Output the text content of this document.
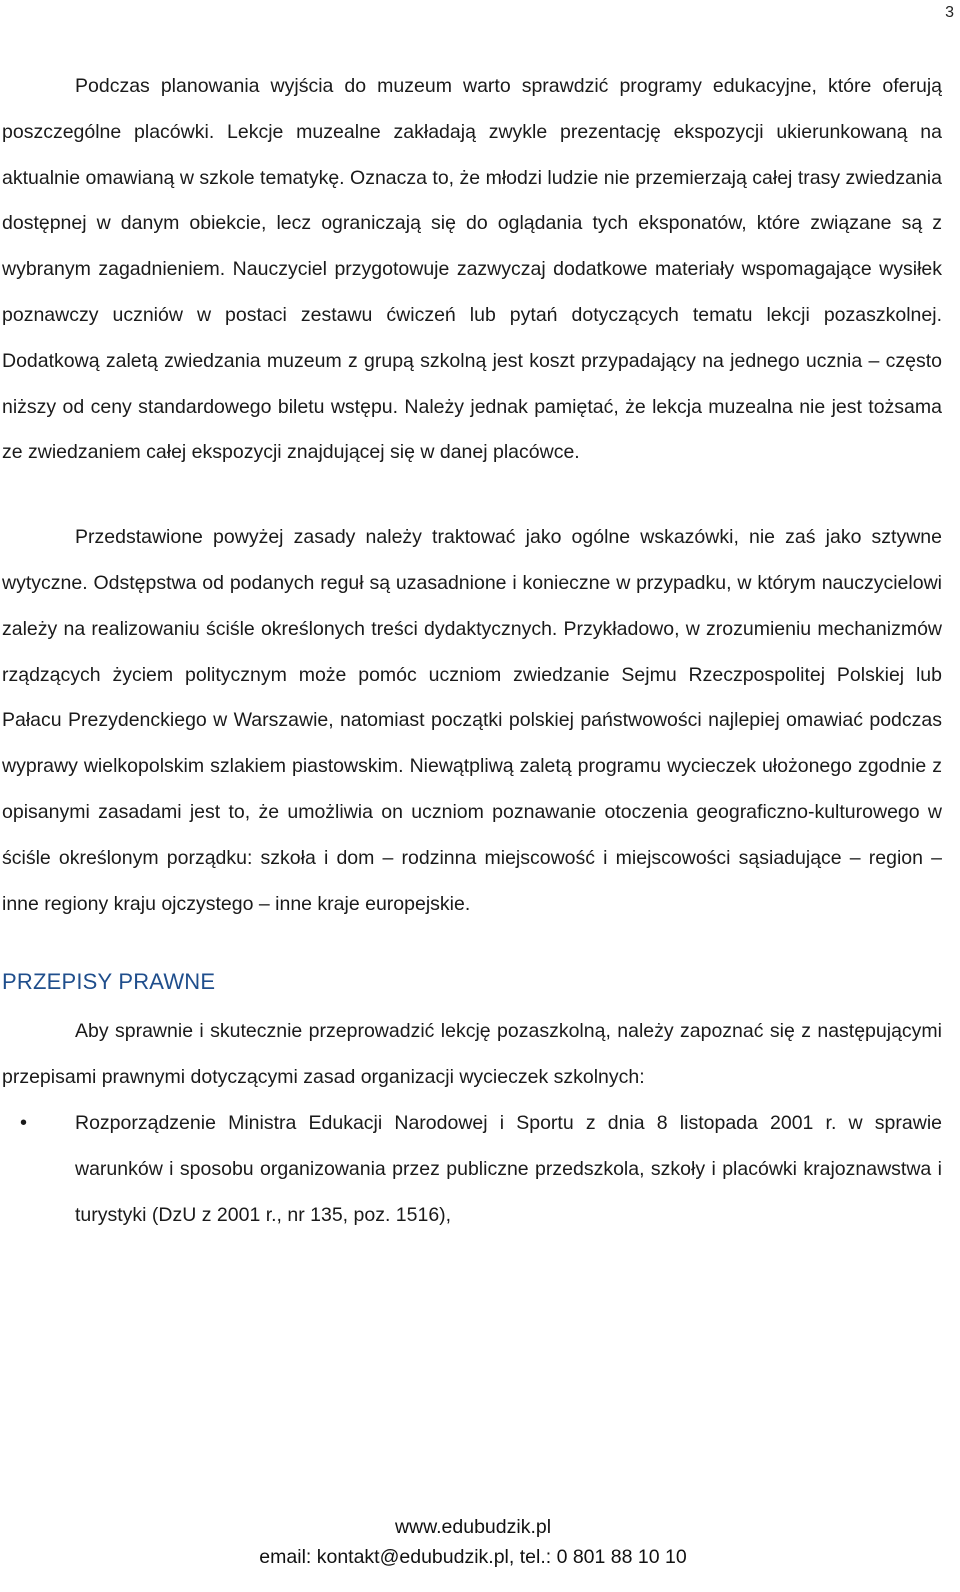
3

Podczas planowania wyjścia do muzeum warto sprawdzić programy edukacyjne, które oferują poszczególne placówki. Lekcje muzealne zakładają zwykle prezentację ekspozycji ukierunkowaną na aktualnie omawianą w szkole tematykę. Oznacza to, że młodzi ludzie nie przemierzają całej trasy zwiedzania dostępnej w danym obiekcie, lecz ograniczają się do oglądania tych eksponatów, które związane są z wybranym zagadnieniem. Nauczyciel przygotowuje zazwyczaj dodatkowe materiały wspomagające wysiłek poznawczy uczniów w postaci zestawu ćwiczeń lub pytań dotyczących tematu lekcji pozaszkolnej. Dodatkową zaletą zwiedzania muzeum z grupą szkolną jest koszt przypadający na jednego ucznia – często niższy od ceny standardowego biletu wstępu. Należy jednak pamiętać, że lekcja muzealna nie jest tożsama ze zwiedzaniem całej ekspozycji znajdującej się w danej placówce.

Przedstawione powyżej zasady należy traktować jako ogólne wskazówki, nie zaś jako sztywne wytyczne. Odstępstwa od podanych reguł są uzasadnione i konieczne w przypadku, w którym nauczycielowi zależy na realizowaniu ściśle określonych treści dydaktycznych. Przykładowo, w zrozumieniu mechanizmów rządzących życiem politycznym może pomóc uczniom zwiedzanie Sejmu Rzeczpospolitej Polskiej lub Pałacu Prezydenckiego w Warszawie, natomiast początki polskiej państwowości najlepiej omawiać podczas wyprawy wielkopolskim szlakiem piastowskim. Niewątpliwą zaletą programu wycieczek ułożonego zgodnie z opisanymi zasadami jest to, że umożliwia on uczniom poznawanie otoczenia geograficzno-kulturowego w ściśle określonym porządku: szkoła i dom – rodzinna miejscowość i miejscowości sąsiadujące – region – inne regiony kraju ojczystego – inne kraje europejskie.

PRZEPISY PRAWNE

Aby sprawnie i skutecznie przeprowadzić lekcję pozaszkolną, należy zapoznać się z następującymi przepisami prawnymi dotyczącymi zasad organizacji wycieczek szkolnych:

• Rozporządzenie Ministra Edukacji Narodowej i Sportu z dnia 8 listopada 2001 r. w sprawie warunków i sposobu organizowania przez publiczne przedszkola, szkoły i placówki krajoznawstwa i turystyki (DzU z 2001 r., nr 135, poz. 1516),
www.edubudzik.pl
email: kontakt@edubudzik.pl, tel.: 0 801 88 10 10
